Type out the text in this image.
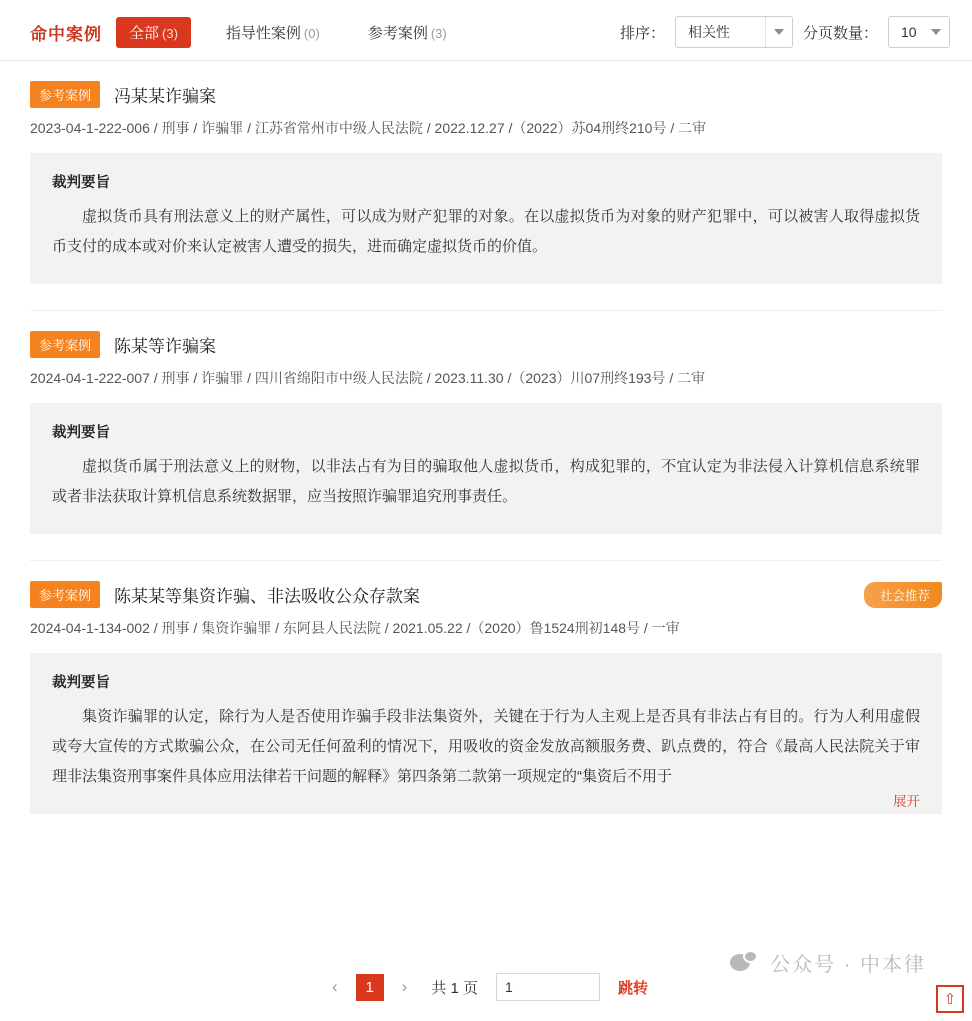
命中案例	全部 (3)	指导性案例 (0)	参考案例 (3)	排序： 相关性	分页数量： 10
参考案例	冯某某诈骗案
2023-04-1-222-006 / 刑事 / 诈骗罪 / 江苏省常州市中级人民法院 / 2022.12.27 /（2022）苏04刑终210号 / 二审
裁判要旨
虚拟货币具有刑法意义上的财产属性，可以成为财产犯罪的对象。在以虚拟货币为对象的财产犯罪中，可以被害人取得虚拟货币支付的成本或对价来认定被害人遭受的损失，进而确定虚拟货币的价值。
参考案例	陈某等诈骗案
2024-04-1-222-007 / 刑事 / 诈骗罪 / 四川省绵阳市中级人民法院 / 2023.11.30 /（2023）川07刑终193号 / 二审
裁判要旨
虚拟货币属于刑法意义上的财物，以非法占有为目的骗取他人虚拟货币，构成犯罪的，不宜认定为非法侵入计算机信息系统罪或者非法获取计算机信息系统数据罪，应当按照诈骗罪追究刑事责任。
参考案例	陈某某等集资诈骗、非法吸收公众存款案	社会推荐
2024-04-1-134-002 / 刑事 / 集资诈骗罪 / 东阿县人民法院 / 2021.05.22 /（2020）鲁1524刑初148号 / 一审
裁判要旨
集资诈骗罪的认定，除行为人是否使用诈骗手段非法集资外，关键在于行为人主观上是否具有非法占有目的。行为人利用虚假或夸大宣传的方式欺骗公众，在公司无任何盈利的情况下，用吸收的资金发放高额服务费、趴点费的，符合《最高人民法院关于审理非法集资刑事案件具体应用法律若干问题的解释》第四条第二款第一项规定的“集资后不用于
展开
公众号 · 中本律
⇧
‹	1	›	共 1 页
1	跳转
